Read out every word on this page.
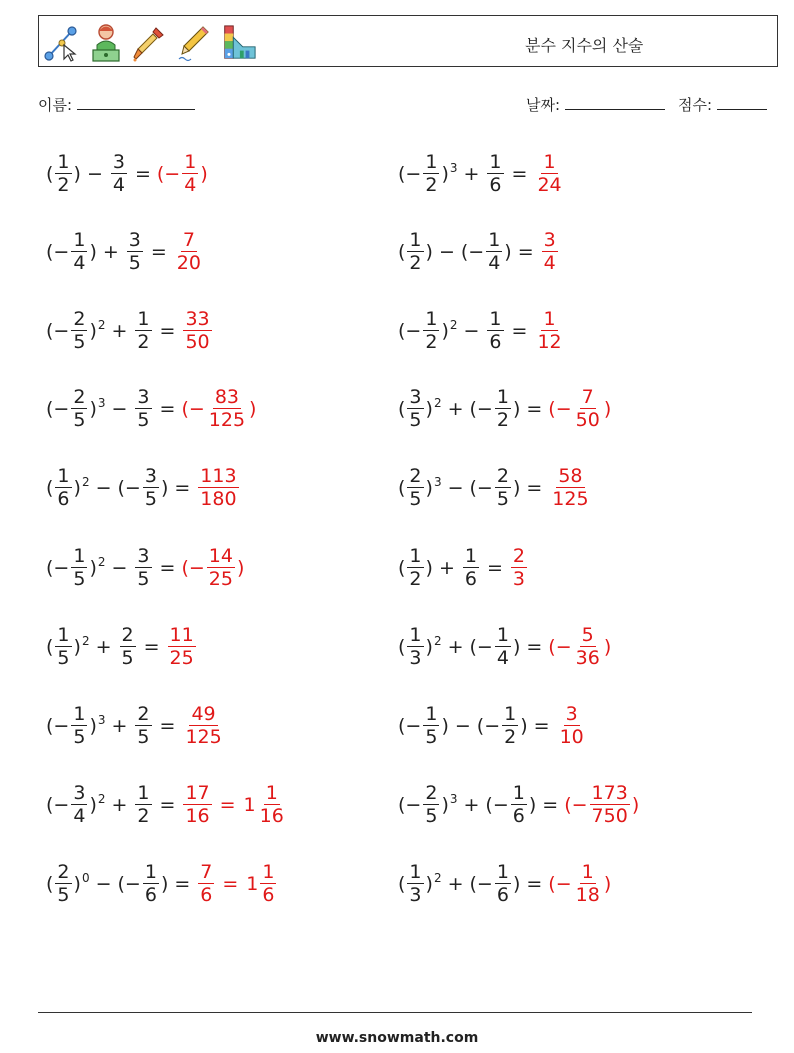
분수 지수의 산술
이름:	날짜:	점수:
( $\frac{1}{2}$ ) − $\frac{3}{4}$ = (− $\frac{1}{4}$ )	(− $\frac{1}{2}$ ) $3 + \frac{1}{6} = \frac{1}{24}$
(− $\frac{1}{4}$ ) + $\frac{3}{5} = \frac{7}{20}$	( $\frac{1}{2}$ ) − (− $\frac{1}{4}$ ) = $\frac{3}{4}$
(− $\frac{2}{5}$ ) $2 + \frac{1}{2} = \frac{33}{50}$	(− $\frac{1}{2}$ ) $2 - \frac{1}{6} = \frac{1}{12}$
(− $\frac{2}{5}$ ) $3 - \frac{3}{5}$ = (− $\frac{83}{125}$ )	( $\frac{3}{5}$ ) 2 + (− $\frac{1}{2}$ ) = (− $\frac{7}{50}$ )
( $\frac{1}{6}$ ) 2 − (− $\frac{3}{5}$ ) = $\frac{113}{180}$	( $\frac{2}{5}$ ) 3 − (− $\frac{2}{5}$ ) = $\frac{58}{125}$
(− $\frac{1}{5}$ ) $2 - \frac{3}{5}$ = (− $\frac{14}{25}$ )	( $\frac{1}{2}$ ) + $\frac{1}{6} = \frac{2}{3}$
( $\frac{1}{5}$ ) $2 + \frac{2}{5} = \frac{11}{25}$	( $\frac{1}{3}$ ) 2 + (− $\frac{1}{4}$ ) = (− $\frac{5}{36}$ )
(− $\frac{1}{5}$ ) $3 + \frac{2}{5} = \frac{49}{125}$	(− $\frac{1}{5}$ ) − (− $\frac{1}{2}$ ) = $\frac{3}{10}$
(− $\frac{3}{4}$ ) $2 + \frac{1}{2} = \frac{17}{16} = 1 \frac{1}{16}$	(− $\frac{2}{5}$ ) 3 + (− $\frac{1}{6}$ ) = (− $\frac{173}{750}$ )
( $\frac{2}{5}$ ) 0 − (− $\frac{1}{6}$ ) = $\frac{7}{6} = 1 \frac{1}{6}$	( $\frac{1}{3}$ ) 2 + (− $\frac{1}{6}$ ) = (− $\frac{1}{18}$ )
www.snowmath.com
